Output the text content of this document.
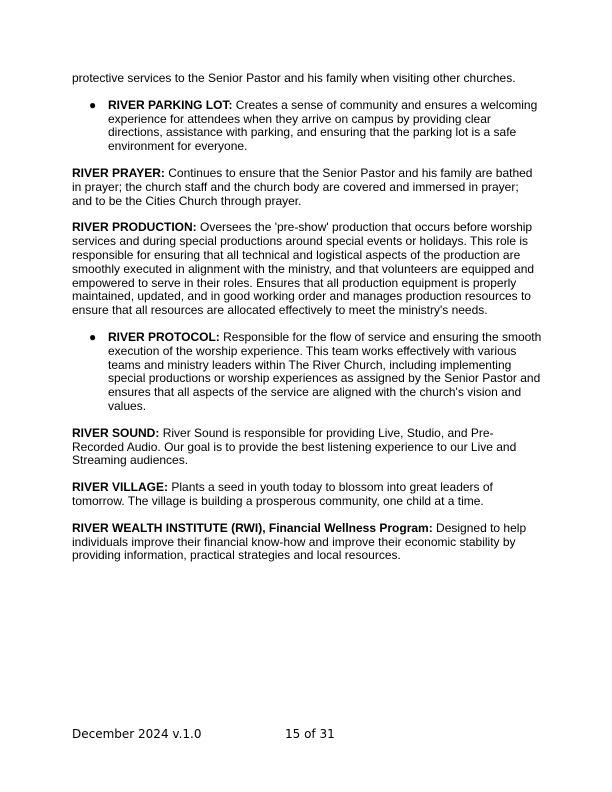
protective services to the Senior Pastor and his family when visiting other churches.

● RIVER PARKING LOT: Creates a sense of community and ensures a welcoming experience for attendees when they arrive on campus by providing clear directions, assistance with parking, and ensuring that the parking lot is a safe environment for everyone.

RIVER PRAYER: Continues to ensure that the Senior Pastor and his family are bathed in prayer; the church staff and the church body are covered and immersed in prayer; and to be the Cities Church through prayer.

RIVER PRODUCTION: Oversees the 'pre-show' production that occurs before worship services and during special productions around special events or holidays. This role is responsible for ensuring that all technical and logistical aspects of the production are smoothly executed in alignment with the ministry, and that volunteers are equipped and empowered to serve in their roles. Ensures that all production equipment is properly maintained, updated, and in good working order and manages production resources to ensure that all resources are allocated effectively to meet the ministry's needs.

● RIVER PROTOCOL: Responsible for the flow of service and ensuring the smooth execution of the worship experience. This team works effectively with various teams and ministry leaders within The River Church, including implementing special productions or worship experiences as assigned by the Senior Pastor and ensures that all aspects of the service are aligned with the church's vision and values.

RIVER SOUND: River Sound is responsible for providing Live, Studio, and Pre-Recorded Audio. Our goal is to provide the best listening experience to our Live and Streaming audiences.

RIVER VILLAGE: Plants a seed in youth today to blossom into great leaders of tomorrow. The village is building a prosperous community, one child at a time.

RIVER WEALTH INSTITUTE (RWI), Financial Wellness Program: Designed to help individuals improve their financial know-how and improve their economic stability by providing information, practical strategies and local resources.

December 2024 v.1.0	15 of 31
